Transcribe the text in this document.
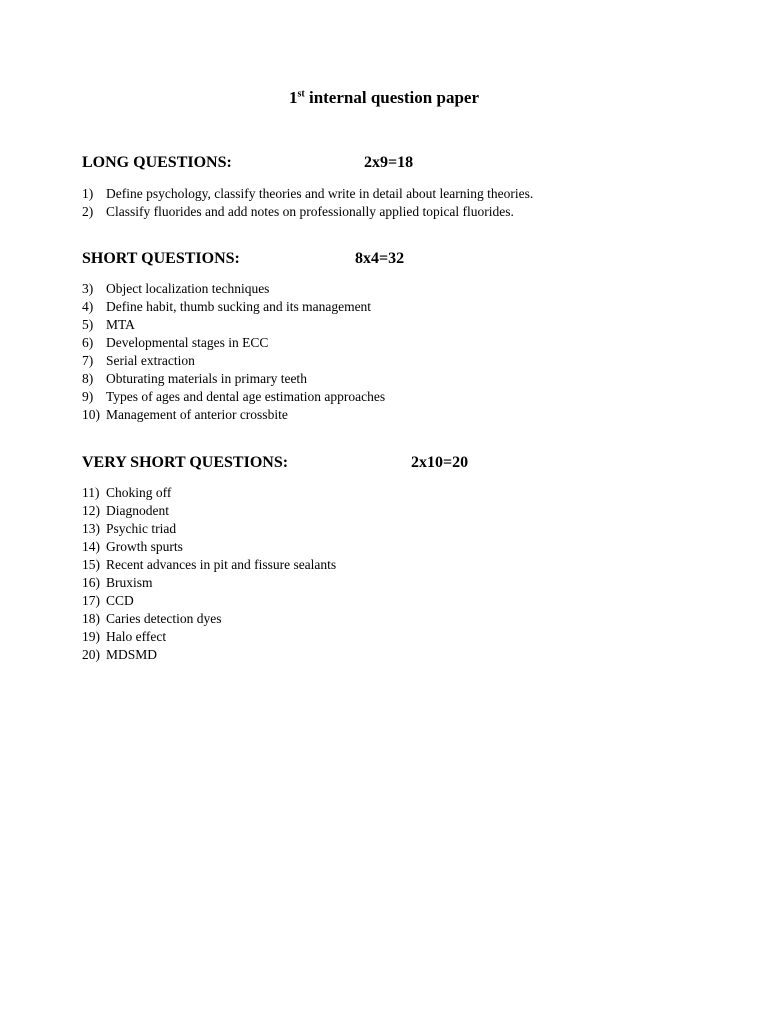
1st internal question paper
LONG QUESTIONS:	2x9=18
1) Define psychology, classify theories and write in detail about learning theories.
2) Classify fluorides and add notes on professionally applied topical fluorides.
SHORT QUESTIONS:	8x4=32
3) Object localization techniques
4) Define habit, thumb sucking and its management
5) MTA
6) Developmental stages in ECC
7) Serial extraction
8) Obturating materials in primary teeth
9) Types of ages and dental age estimation approaches
10) Management of anterior crossbite
VERY SHORT QUESTIONS:	2x10=20
11) Choking off
12) Diagnodent
13) Psychic triad
14) Growth spurts
15) Recent advances in pit and fissure sealants
16) Bruxism
17) CCD
18) Caries detection dyes
19) Halo effect
20) MDSMD
